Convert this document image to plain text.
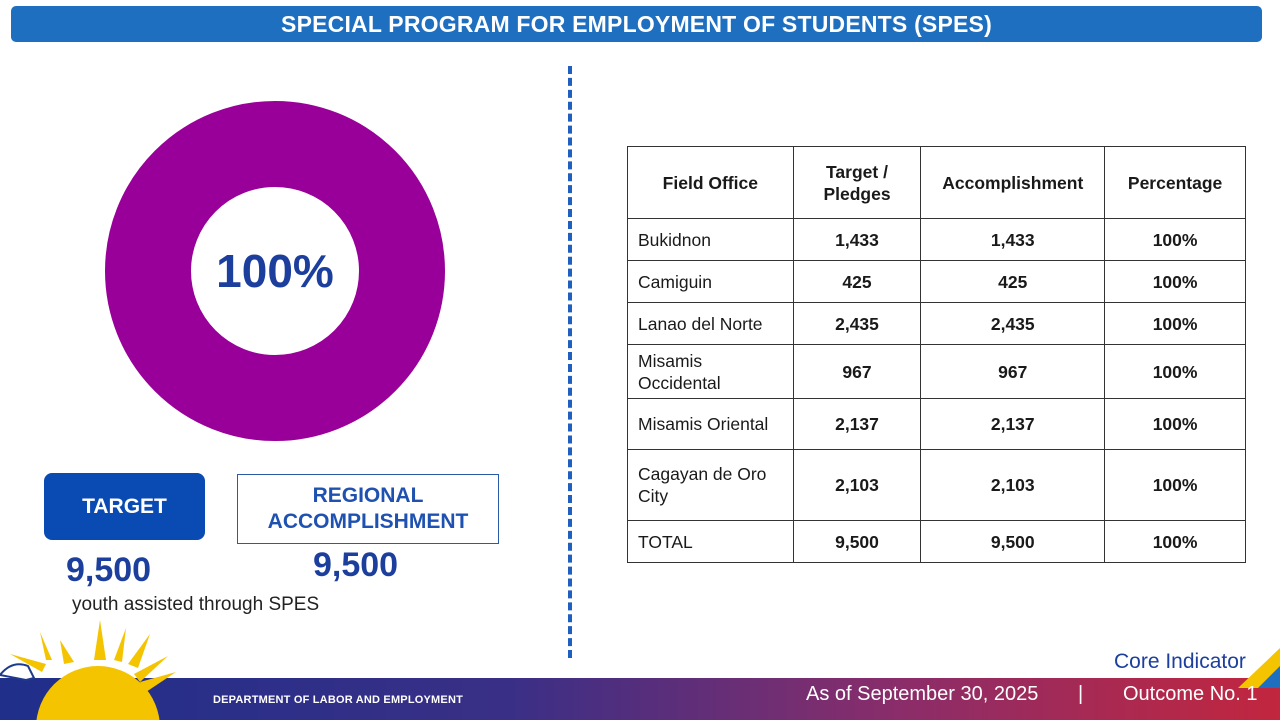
SPECIAL PROGRAM FOR EMPLOYMENT OF STUDENTS (SPES)
100%
TARGET	REGIONAL ACCOMPLISHMENT
9,500	9,500
youth assisted through SPES
Field Office	Target / Pledges	Accomplishment	Percentage
Bukidnon	1,433	1,433	100%
Camiguin	425	425	100%
Lanao del Norte	2,435	2,435	100%
Misamis Occidental	967	967	100%
Misamis Oriental	2,137	2,137	100%
Cagayan de Oro City	2,103	2,103	100%
TOTAL	9,500	9,500	100%
Core Indicator
DEPARTMENT OF LABOR AND EMPLOYMENT	As of September 30, 2025 | Outcome No. 1
